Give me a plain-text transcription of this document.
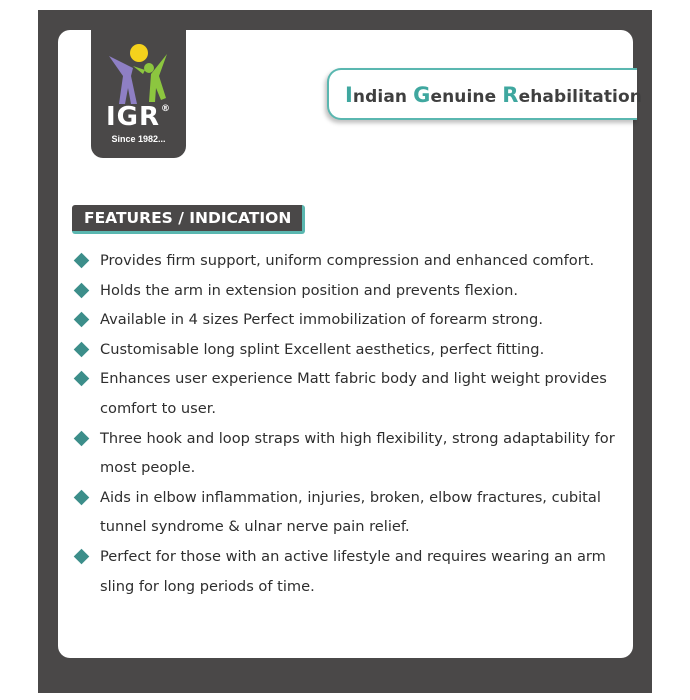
IGR®
Since 1982...
Indian Genuine Rehabilitation
FEATURES / INDICATION
Provides firm support, uniform compression and enhanced comfort.
Holds the arm in extension position and prevents flexion.
Available in 4 sizes Perfect immobilization of forearm strong.
Customisable long splint Excellent aesthetics, perfect fitting.
Enhances user experience Matt fabric body and light weight provides comfort to user.
Three hook and loop straps with high flexibility, strong adaptability for most people.
Aids in elbow inflammation, injuries, broken, elbow fractures, cubital tunnel syndrome & ulnar nerve pain relief.
Perfect for those with an active lifestyle and requires wearing an arm sling for long periods of time.
